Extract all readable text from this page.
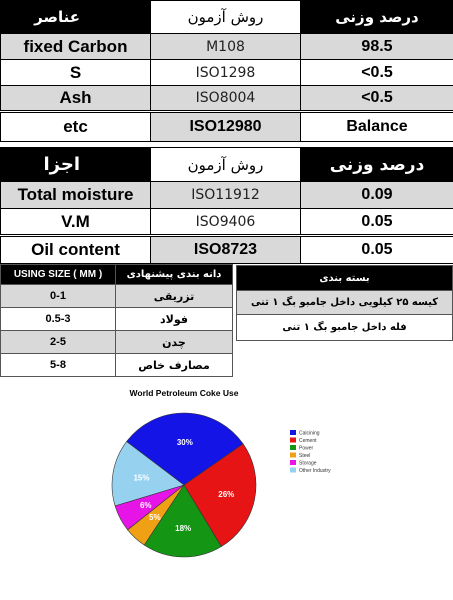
عناصر	روش آزمون	درصد وزنی
fixed Carbon	M108	98.5
S	ISO1298	<0.5
Ash	ISO8004	<0.5
etc	ISO12980	Balance
اجزا	روش آزمون	درصد وزنی
Total moisture	ISO11912	0.09
V.M	ISO9406	0.05
Oil content	ISO8723	0.05
USING SIZE ( MM )	دانه بندی پیشنهادی
0-1	تزریقی
0.5-3	فولاد
2-5	چدن
5-8	مصارف خاص
بسته بندی
کیسه ۲۵ کیلویی داخل جامبو بگ ۱ تنی
فله داخل جامبو بگ ۱ تنی
World Petroleum Coke Use
30%
26%
18%
5%
6%
15%
Calcining
Cement
Power
Steel
Storage
Other Industry
